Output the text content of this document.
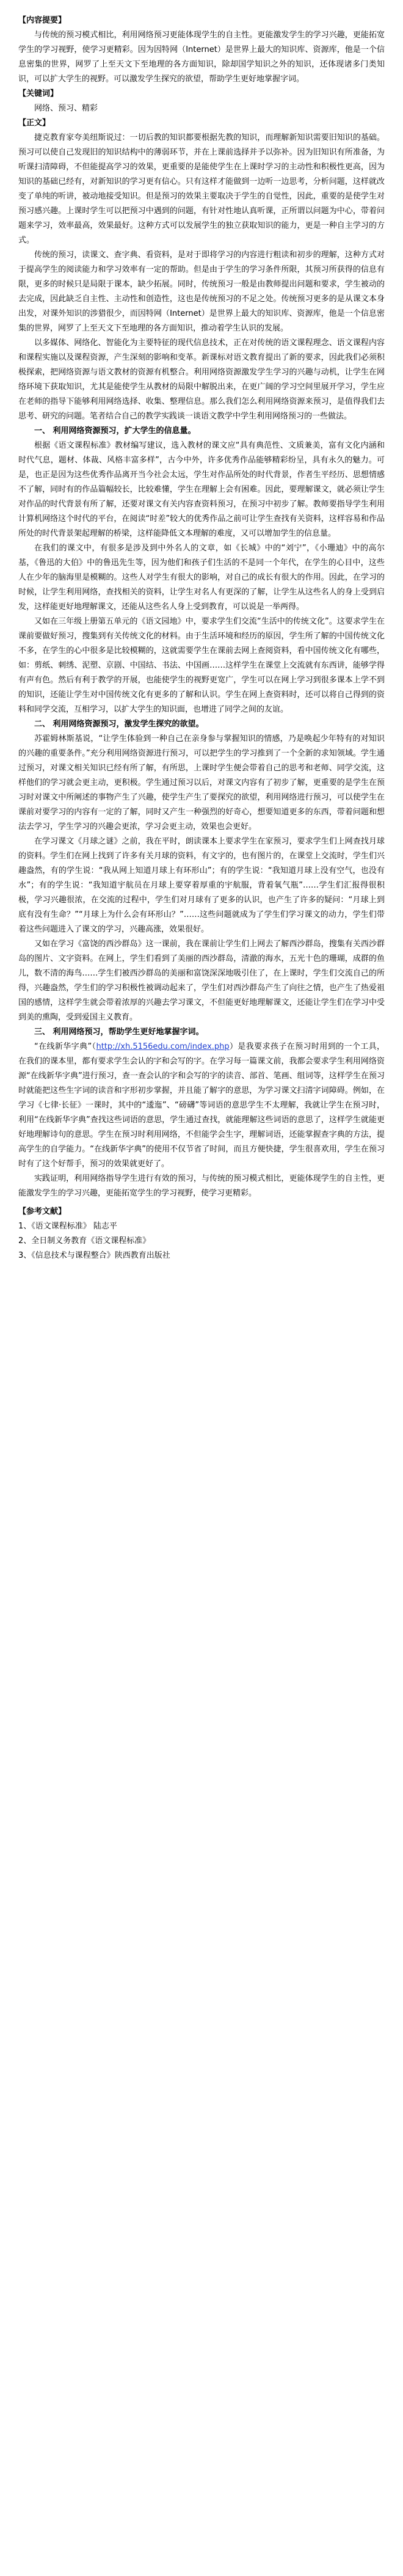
【内容提要】

与传统的预习模式相比，利用网络预习更能体现学生的自主性。更能激发学生的学习兴趣，更能拓宽学生的学习视野，使学习更精彩。因为因特网（Internet）是世界上最大的知识库、资源库，他是一个信息密集的世界，网罗了上至天文下至地理的各方面知识，除却国学知识之外的知识，还体现诸多门类知识，可以扩大学生的视野。可以激发学生探究的欲望，帮助学生更好地掌握字词。

【关键词】

网络、预习、精彩

【正文】

捷克教育家夸美纽斯说过：一切后教的知识都要根据先教的知识，而理解新知识需要旧知识的基础。预习可以使自己发现旧的知识结构中的薄弱环节，并在上课前选择并予以弥补。因为旧知识有所准备，为听课扫清障碍，不但能提高学习的效果，更重要的是能使学生在上课时学习的主动性和积极性更高，因为知识的基础已经有，对新知识的学习更有信心。只有这样才能做到一边听一边思考，分析问题，这样就改变了单纯的听讲，被动地接受知识。但是预习的效果主要取决于学生的自觉性，因此，重要的是使学生对预习感兴趣。上课时学生可以把预习中遇到的问题，有针对性地认真听课，正所谓以问题为中心，带着问题来学习，效率最高，效果最好。这种方式可以发展学生的独立获取知识的能力，更是一种自主学习的方式。

传统的预习，读课文、查字典、看资料，是对于即将学习的内容进行粗读和初步的理解，这种方式对于提高学生的阅读能力和学习效率有一定的帮助。但是由于学生的学习条件所限，其预习所获得的信息有限，更多的时候只是局限于课本，缺少拓展。同时，传统预习一般是由教师提出问题和要求，学生被动的去完成，因此缺乏自主性、主动性和创造性，这也是传统预习的不足之处。传统预习更多的是从课文本身出发，对课外知识的涉猎很少，而因特网（Internet）是世界上最大的知识库、资源库，他是一个信息密集的世界，网罗了上至天文下至地理的各方面知识，推动着学生认识的发展。

以多媒体、网络化、智能化为主要特征的现代信息技术，正在对传统的语文课程理念、语文课程内容和课程实施以及课程资源，产生深刻的影响和变革。新课标对语文教育提出了新的要求，因此我们必须积极探索，把网络资源与语文教材的资源有机整合。利用网络资源激发学生学习的兴趣与动机，让学生在网络环境下获取知识，尤其是能使学生从教材的局限中解脱出来，在更广阔的学习空间里展开学习，学生应在老师的指导下能够利用网络选择、收集、整理信息。那么我们怎么利用网络资源来预习，是值得我们去思考、研究的问题。笔者结合自己的教学实践谈一谈语文教学中学生利用网络预习的一些做法。

一、 利用网络资源预习，扩大学生的信息量。

根据《语文课程标准》教材编写建议，选入教材的课文应“具有典范性、文质兼美，富有文化内涵和时代气息，题材、体裁、风格丰富多样”，古今中外，许多优秀作品能够精彩纷呈，具有永久的魅力。可是，也正是因为这些优秀作品离开当今社会太远，学生对作品所处的时代背景，作者生平经历、思想情感不了解，同时有的作品篇幅较长，比较难懂，学生在理解上会有困难。因此，要理解课文，就必须让学生对作品的时代背景有所了解，还要对课文有关内容查资料预习，在预习中初步了解。教师要指导学生利用计算机网络这个时代的平台，在阅读“时差”较大的优秀作品之前可让学生查找有关资料，这样容易和作品所处的时代背景架起理解的桥梁，这样能降低文本理解的难度，又可以增加学生的信息量。

在我们的课文中，有很多是涉及到中外名人的文章，如《长城》中的“刘宁”，《小珊迪》中的高尔基，《鲁迅的大伯》中的鲁迅先生等，因为他们和孩子们生活的不是同一个年代，在学生的心目中，这些人在少年的脑海里是模糊的。这些人对学生有很大的影响，对自己的成长有很大的作用。因此，在学习的时候，让学生利用网络，查找相关的资料，让学生对名人有更深的了解，让学生从这些名人的身上受到启发，这样能更好地理解课文，还能从这些名人身上受到教育，可以说是一举两得。

又如在三年级上册第五单元的《语文园地》中，要求学生们交流“生活中的传统文化”。这要求学生在课前要做好预习，搜集到有关传统文化的材料。由于生活环境和经历的原因，学生所了解的中国传统文化不多，在学生的心中很多是比较模糊的，这就需要学生在课前去网上查阅资料，看中国传统文化有哪些，如：剪纸、刺绣、泥塑、京剧、中国结、书法、中国画……这样学生在课堂上交流就有东西讲，能够学得有声有色。然后有利于教学的开展，也能使学生的视野更宽广，学生可以在网上学习到很多课本上学不到的知识，还能让学生对中国传统文化有更多的了解和认识。学生在网上查资料时，还可以将自己得到的资料和同学交流，互相学习，以扩大学生的知识面，也增进了同学之间的友谊。

二、 利用网络资源预习，激发学生探究的欲望。

苏霍姆林斯基说，“让学生体验到一种自己在亲身参与掌握知识的情感，乃是唤起少年特有的对知识的兴趣的重要条件。”充分利用网络资源进行预习，可以把学生的学习推到了一个全新的求知领域。学生通过预习，对课文相关知识已经有所了解，有所思，上课时学生便会带着自己的思考和老师、同学交流，这样他们的学习就会更主动，更积极。学生通过预习以后，对课文内容有了初步了解，更重要的是学生在预习时对课文中所阐述的事物产生了兴趣，使学生产生了要探究的欲望，利用网络进行预习，可以使学生在课前对要学习的内容有一定的了解，同时又产生一种强烈的好奇心，想要知道更多的东西，带着问题和想法去学习，学生学习的兴趣会更浓，学习会更主动，效果也会更好。

在学习课文《月球之谜》之前，我在平时，朗读课本上要求学生在家预习，要求学生们上网查找月球的资料。学生们在网上找到了许多有关月球的资料，有文字的，也有图片的，在课堂上交流时，学生们兴趣盎然，有的学生说：“我从网上知道月球上有环形山”；有的学生说：“我知道月球上没有空气，也没有水”；有的学生说：“我知道宇航员在月球上要穿着厚重的宇航服，背着氧气瓶”……学生们汇报得很积极，学习兴趣很浓，在交流的过程中，学生们对月球有了更多的认识，也产生了许多的疑问：“月球上到底有没有生命？”“月球上为什么会有环形山？”……这些问题就成为了学生们学习课文的动力，学生们带着这些问题进入了课文的学习，兴趣高涨，效果很好。

又如在学习《富饶的西沙群岛》这一课前，我在课前让学生们上网去了解西沙群岛，搜集有关西沙群岛的图片、文字资料。在网上，学生们看到了美丽的西沙群岛，清澈的海水，五光十色的珊瑚，成群的鱼儿，数不清的海鸟……学生们被西沙群岛的美丽和富饶深深地吸引住了，在上课时，学生们交流自己的所得，兴趣盎然，学生们的学习积极性被调动起来了，学生们对西沙群岛产生了向往之情，也产生了热爱祖国的感情，这样学生就会带着浓厚的兴趣去学习课文，不但能更好地理解课文，还能让学生们在学习中受到美的熏陶，受到爱国主义教育。

三、 利用网络预习，帮助学生更好地掌握字词。

“在线新华字典”（http://xh.5156edu.com/index.php）是我要求孩子在预习时用到的一个工具，在我们的课本里，都有要求学生会认的字和会写的字。在学习每一篇课文前，我都会要求学生利用网络资源“在线新华字典”进行预习，查一查会认的字和会写的字的读音、部首、笔画、组词等，这样学生在预习时就能把这些生字词的读音和字形初步掌握，并且能了解字的意思，为学习课文扫清字词障碍。例如，在学习《七律·长征》一课时，其中的“逶迤”、“磅礴”等词语的意思学生不太理解，我就让学生在预习时，利用“在线新华字典”查找这些词语的意思，学生通过查找，就能理解这些词语的意思了，这样学生就能更好地理解诗句的意思。学生在预习时利用网络，不但能学会生字，理解词语，还能掌握查字典的方法，提高学生的自学能力。“在线新华字典”的使用不仅节省了时间，而且方便快捷，学生很喜欢用，学生在预习时有了这个好帮手，预习的效果就更好了。

实践证明，利用网络指导学生进行有效的预习，与传统的预习模式相比，更能体现学生的自主性，更能激发学生的学习兴趣，更能拓宽学生的学习视野，使学习更精彩。

【参考文献】

1、《语文课程标准》 陆志平
2、全日制义务教育《语文课程标准》
3、《信息技术与课程整合》陕西教育出版社
